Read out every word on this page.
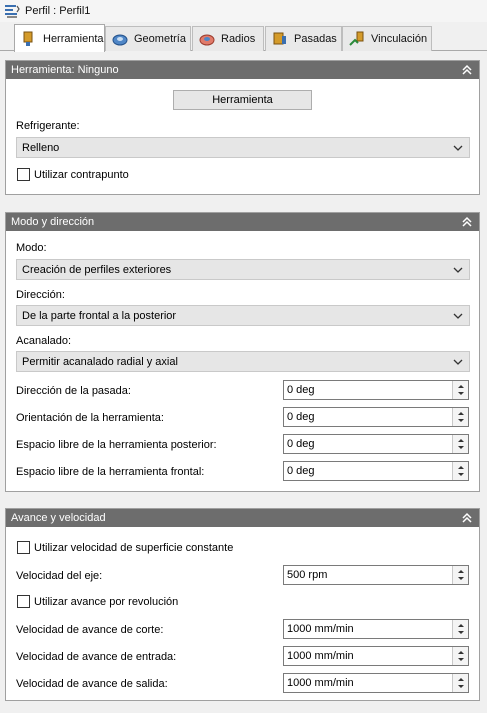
Perfil : Perfil1
Herramienta	Geometría	Radios	Pasadas	Vinculación
Herramienta: Ninguno
Herramienta
Refrigerante:
Relleno
Utilizar contrapunto
Modo y dirección
Modo:
Creación de perfiles exteriores
Dirección:
De la parte frontal a la posterior
Acanalado:
Permitir acanalado radial y axial
Dirección de la pasada:	0 deg
Orientación de la herramienta:	0 deg
Espacio libre de la herramienta posterior:	0 deg
Espacio libre de la herramienta frontal:	0 deg
Avance y velocidad
Utilizar velocidad de superficie constante
Velocidad del eje:	500 rpm
Utilizar avance por revolución
Velocidad de avance de corte:	1000 mm/min
Velocidad de avance de entrada:	1000 mm/min
Velocidad de avance de salida:	1000 mm/min
